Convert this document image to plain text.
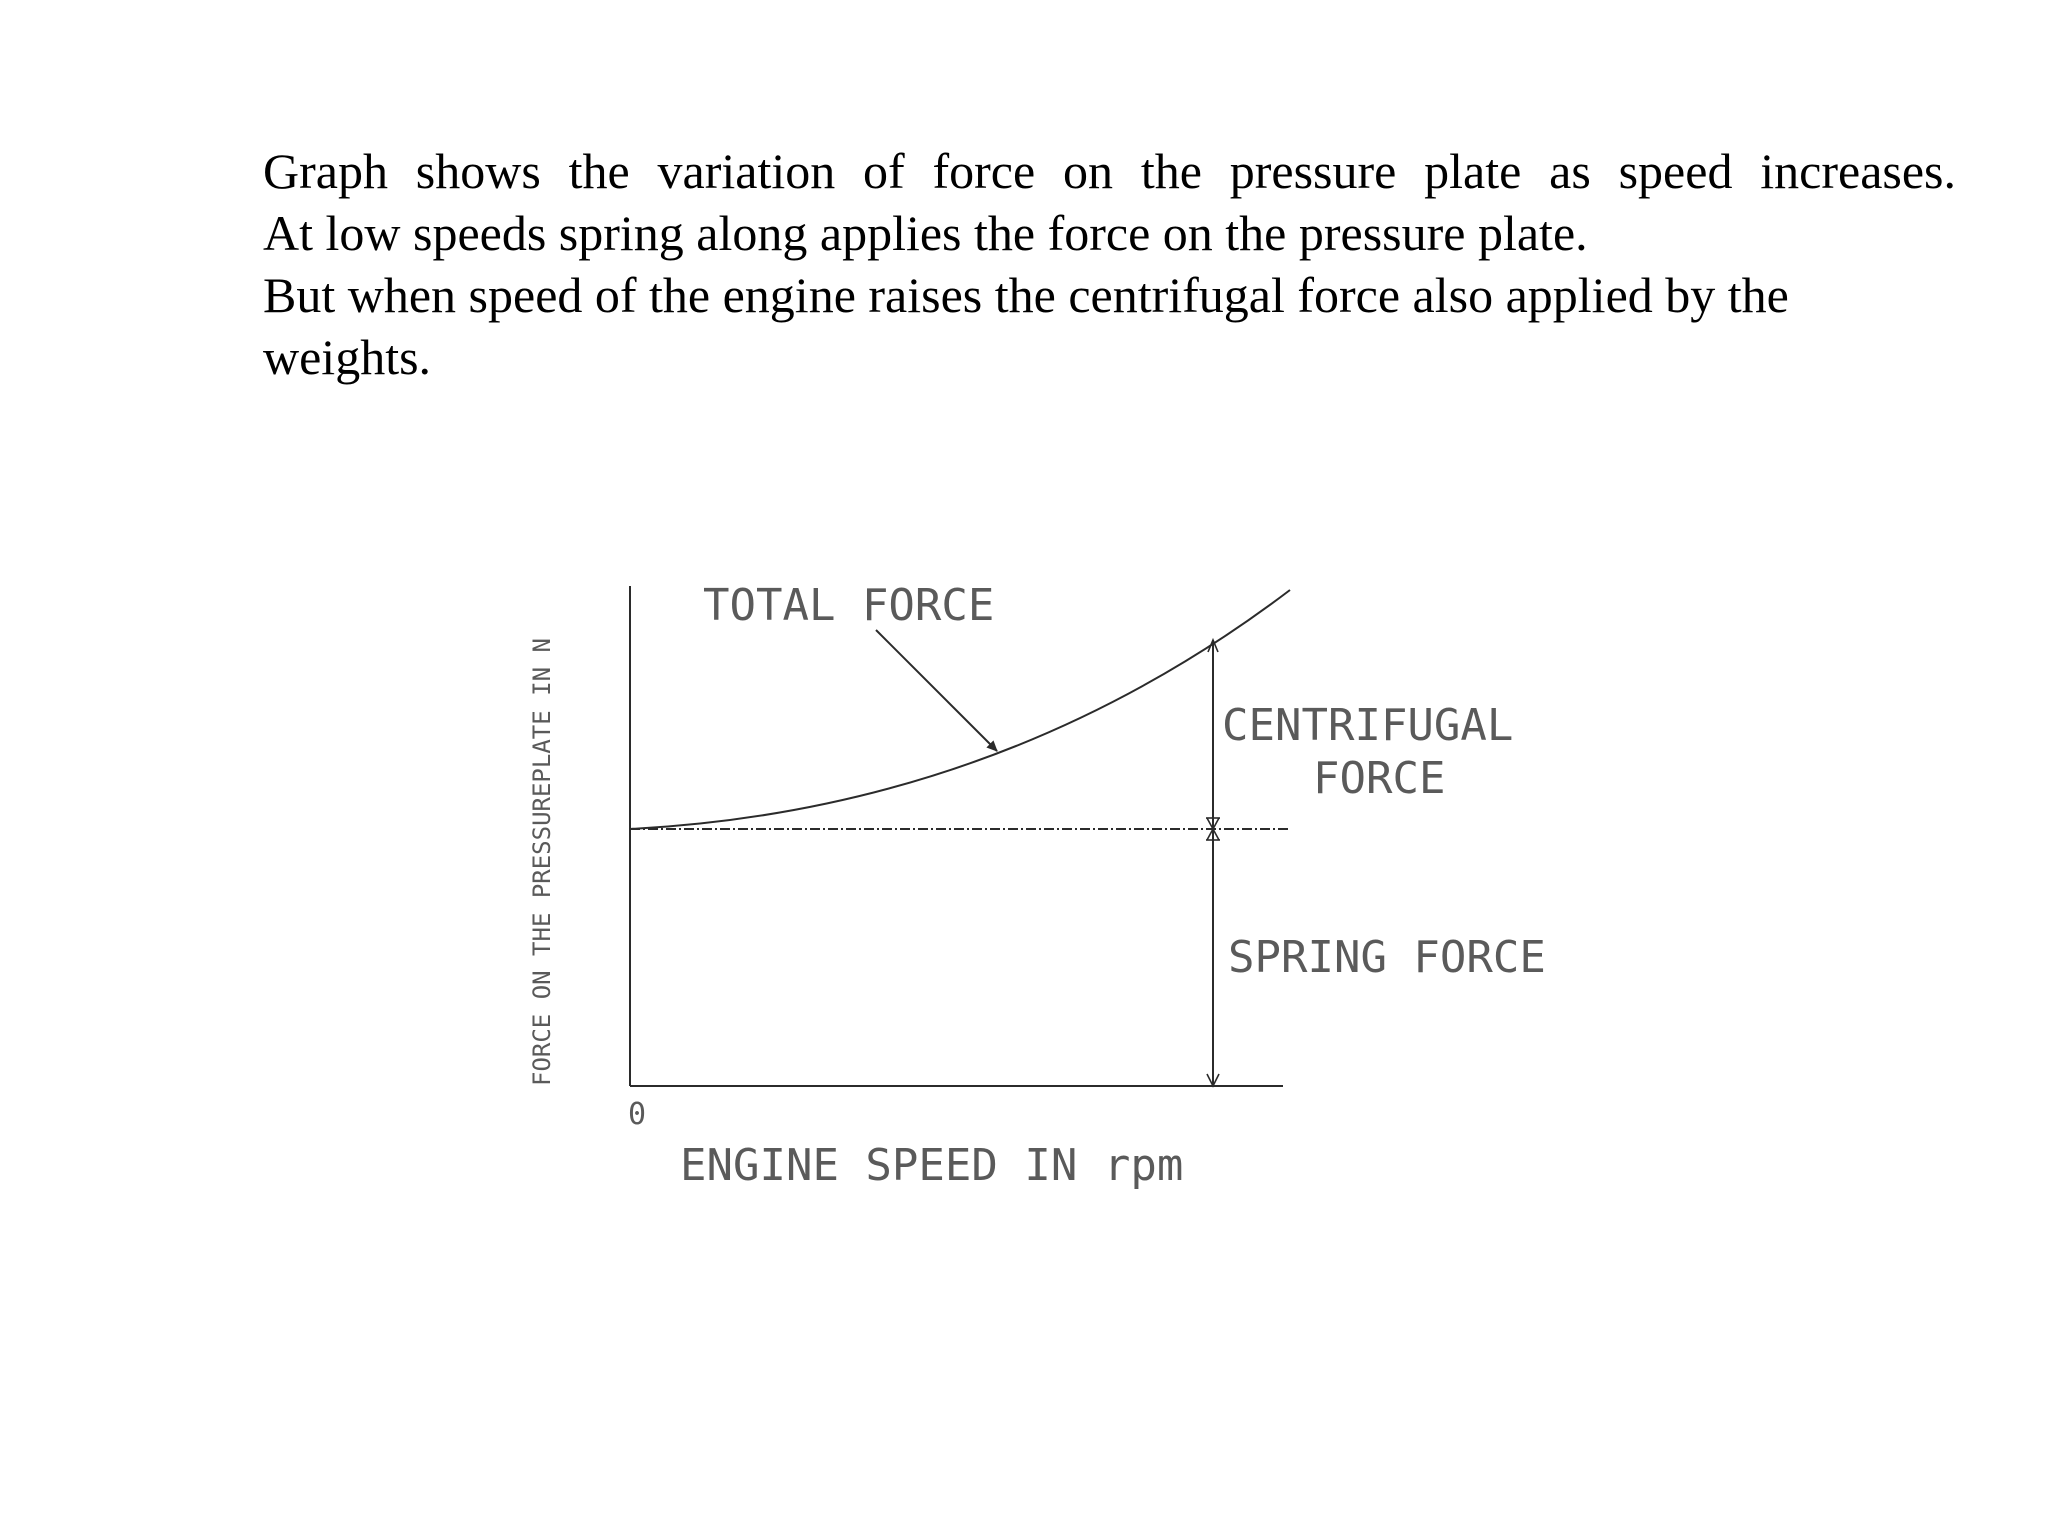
Graph shows the variation of force on the pressure plate as speed increases.

At low speeds spring along applies the force on the pressure plate.

But when speed of the engine raises the centrifugal force also applied by the

weights.

TOTAL FORCE
CENTRIFUGAL
FORCE
SPRING FORCE
0
ENGINE SPEED IN rpm
FORCE ON THE PRESSUREPLATE IN N
